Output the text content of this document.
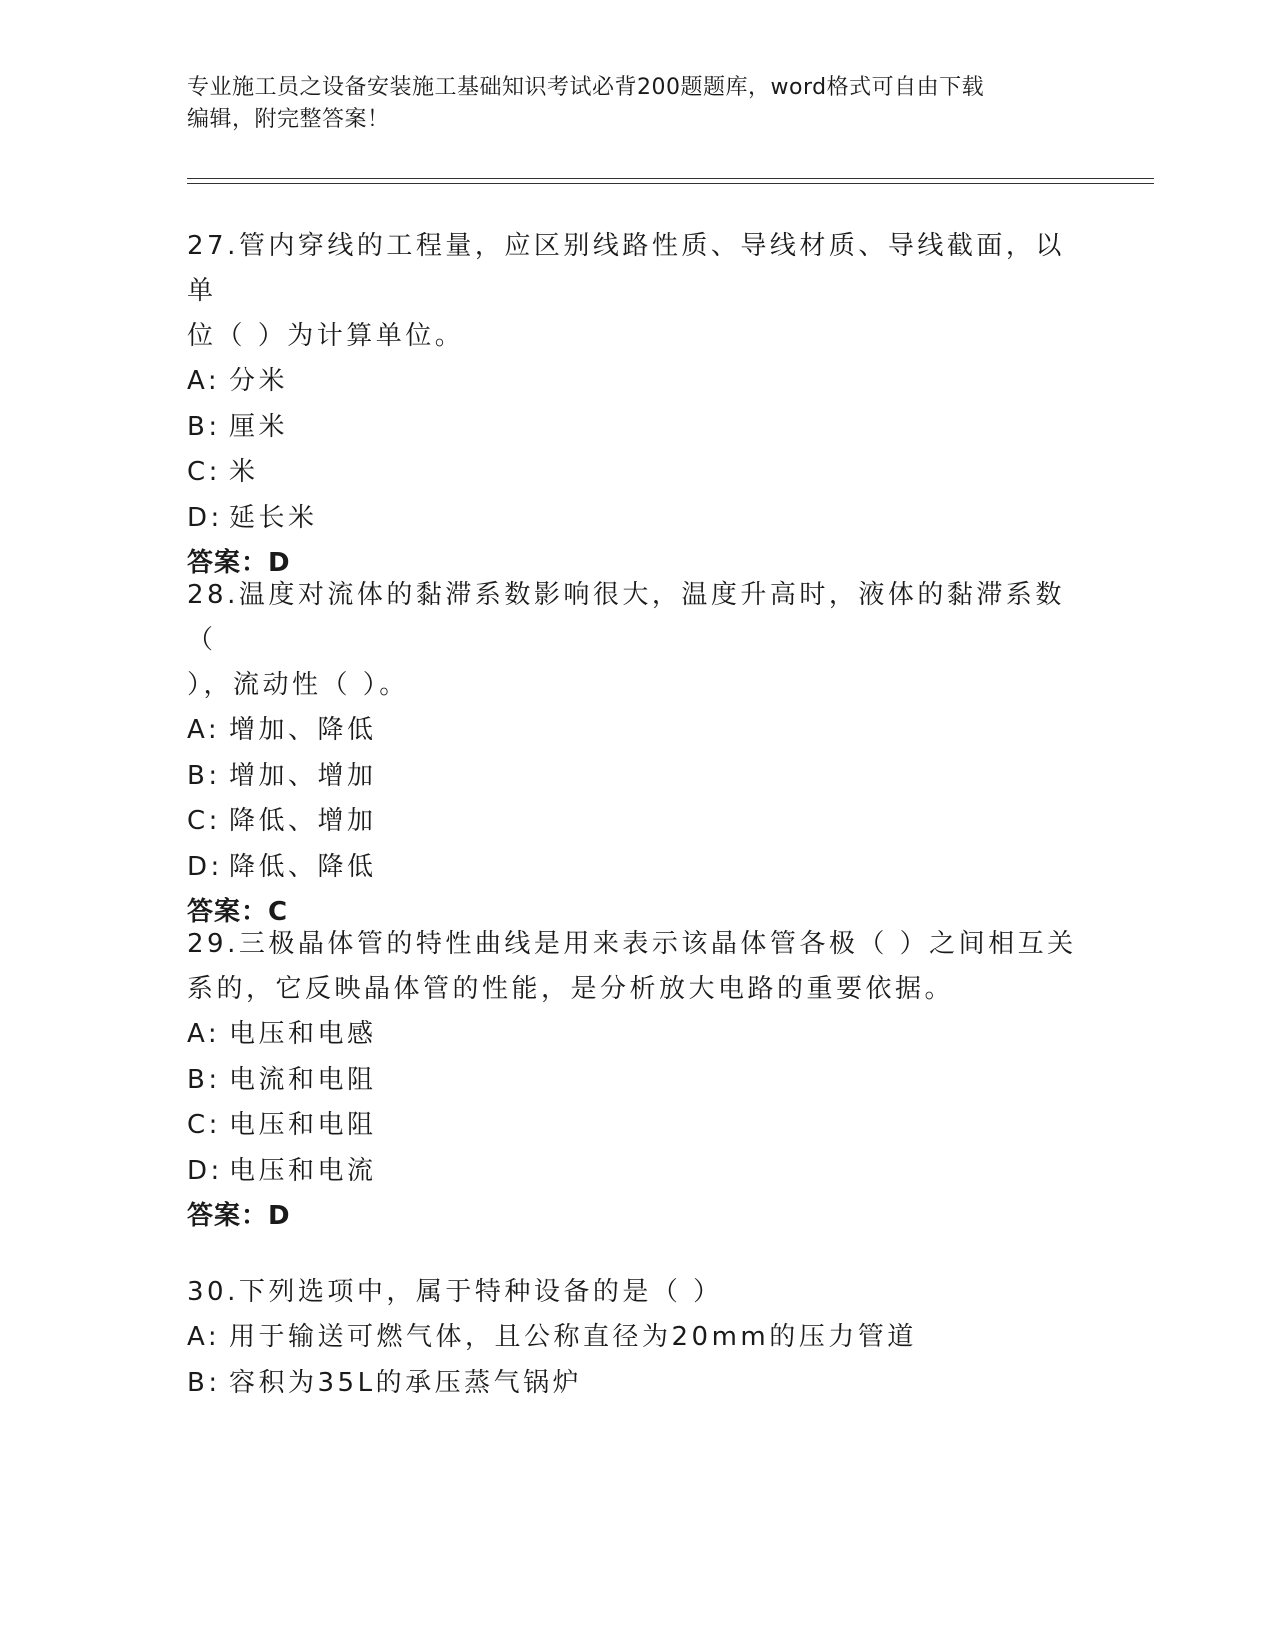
专业施工员之设备安装施工基础知识考试必背200题题库，word格式可自由下载
编辑，附完整答案！
27.管内穿线的工程量，应区别线路性质、导线材质、导线截面，以单
位（ ）为计算单位。
A: 分米
B: 厘米
C: 米
D: 延长米
答案：D
28.温度对流体的黏滞系数影响很大，温度升高时，液体的黏滞系数（
），流动性（ ）。
A: 增加、降低
B: 增加、增加
C: 降低、增加
D: 降低、降低
答案：C
29.三极晶体管的特性曲线是用来表示该晶体管各极（ ）之间相互关
系的，它反映晶体管的性能，是分析放大电路的重要依据。
A: 电压和电感
B: 电流和电阻
C: 电压和电阻
D: 电压和电流
答案：D
30.下列选项中，属于特种设备的是（ ）
A: 用于输送可燃气体，且公称直径为20mm的压力管道
B: 容积为35L的承压蒸气锅炉
